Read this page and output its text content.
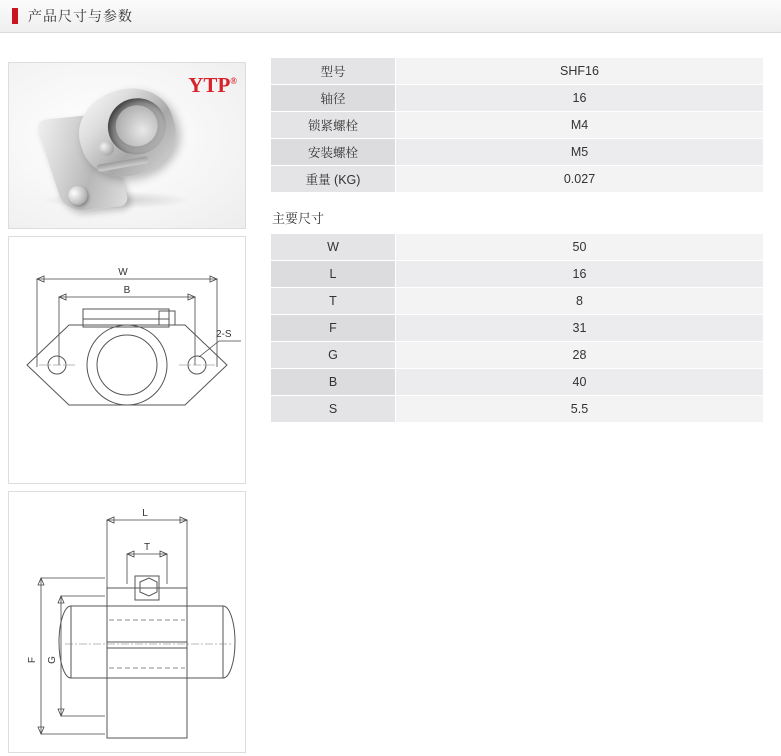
产品尺寸与参数
YTP®
W
B
2-S
L
T
F G
型号	SHF16
轴径	16
锁紧螺栓	M4
安装螺栓	M5
重量 (KG)	0.027
主要尺寸
W	50
L	16
T	8
F	31
G	28
B	40
S	5.5
